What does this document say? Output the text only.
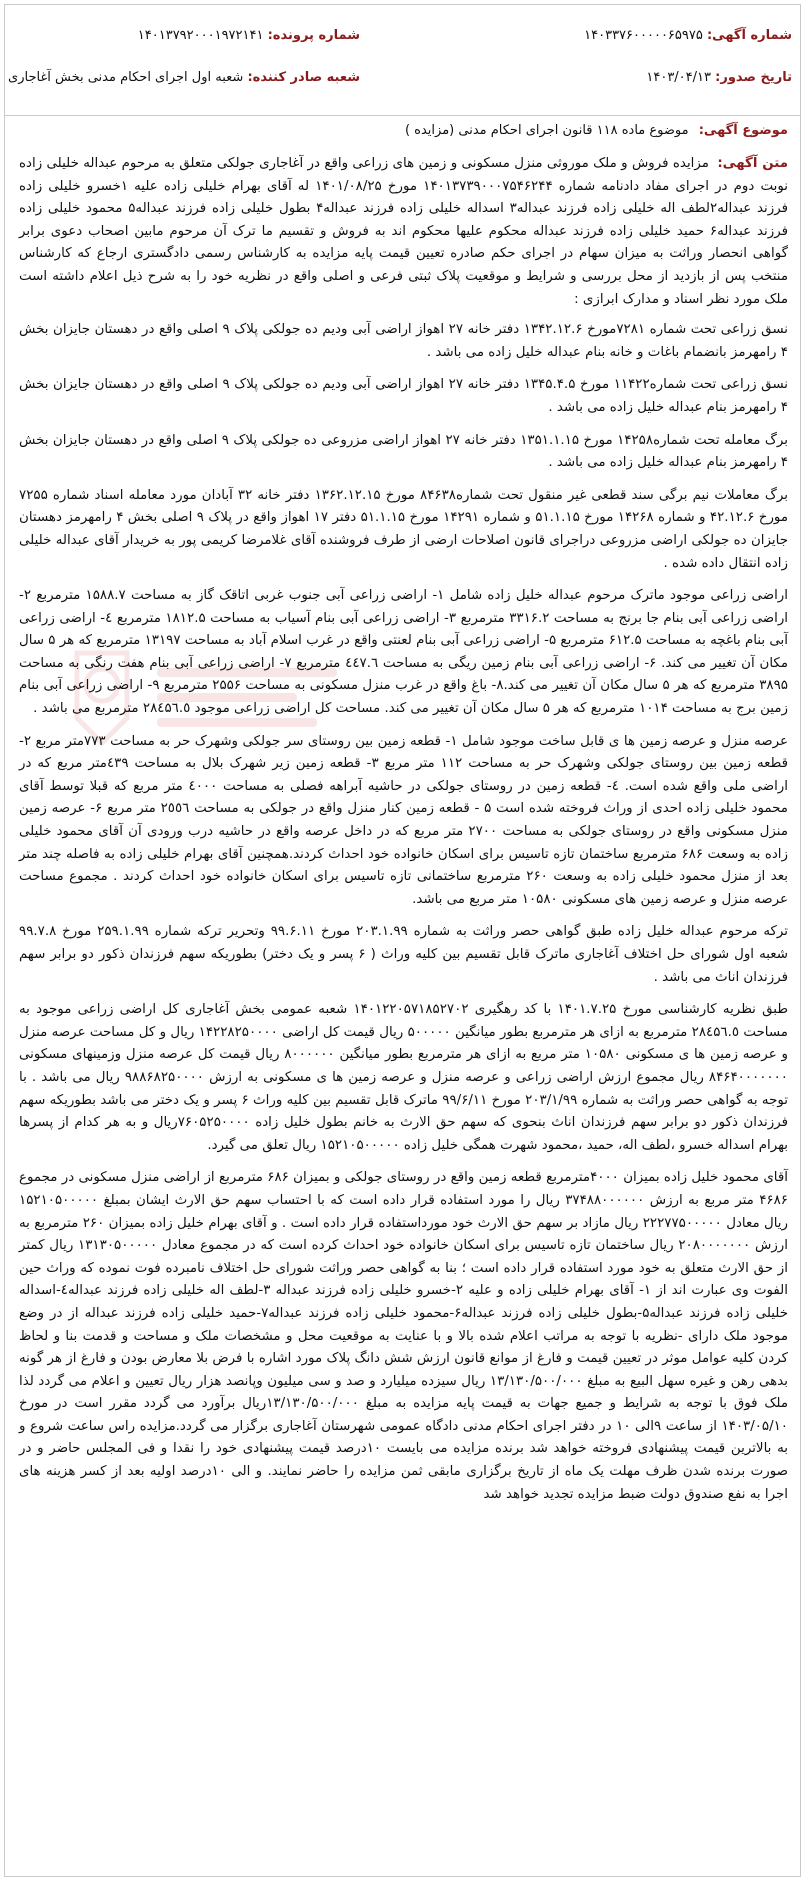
شماره آگهی: ۱۴۰۳۳۷۶۰۰۰۰۰۶۵۹۷۵
شماره پرونده: ۱۴۰۱۳۷۹۲۰۰۰۱۹۷۲۱۴۱
تاریخ صدور: ۱۴۰۳/۰۴/۱۳
شعبه صادر کننده: شعبه اول اجرای احکام مدنی بخش آغاجاری
موضوع آگهی: موضوع ماده ۱۱۸ قانون اجرای احکام مدنی (مزایده )

متن آگهی: مزایده فروش و ملک موروثی منزل مسکونی و زمین های زراعی واقع در آغاجاری جولکی متعلق به مرحوم عبداله خلیلی زاده نوبت دوم در اجرای مفاد دادنامه شماره ۱۴۰۱۳۷۳۹۰۰۰۷۵۴۶۲۴۴ مورخ ۱۴۰۱/۰۸/۲۵ له آقای بهرام خلیلی زاده علیه ۱خسرو خلیلی زاده فرزند عبداله۲لطف اله خلیلی زاده فرزند عبداله۳ اسداله خلیلی زاده فرزند عبداله۴ بطول خلیلی زاده فرزند عبداله۵ محمود خلیلی زاده فرزند عبداله۶ حمید خلیلی زاده فرزند عبداله محکوم علیها محکوم اند به فروش و تقسیم ما ترک آن مرحوم مابین اصحاب دعوی برابر گواهی انحصار وراثت به میزان سهام در اجرای حکم صادره تعیین قیمت پایه مزایده به کارشناس رسمی دادگستری ارجاع که کارشناس منتخب پس از بازدید از محل بررسی و شرایط و موقعیت پلاک ثبتی فرعی و اصلی واقع در نظریه خود را به شرح ذیل اعلام داشته است ملک مورد نظر اسناد و مدارک ابرازی :

نسق زراعی تحت شماره ۷۲۸۱مورخ ۱۳۴۲.۱۲.۶ دفتر خانه ۲۷ اهواز اراضی آبی ودیم ده جولکی پلاک ۹ اصلی واقع در دهستان جایزان بخش ۴ رامهرمز بانضمام باغات و خانه بنام عبداله خلیل زاده می باشد .

نسق زراعی تحت شماره۱۱۴۲۲ مورخ ۱۳۴۵.۴.۵ دفتر خانه ۲۷ اهواز اراضی آبی ودیم ده جولکی پلاک ۹ اصلی واقع در دهستان جایزان بخش ۴ رامهرمز بنام عبداله خلیل زاده می باشد .

برگ معامله تحت شماره۱۴۲۵۸ مورخ ۱۳۵۱.۱.۱۵ دفتر خانه ۲۷ اهواز اراضی مزروعی ده جولکی پلاک ۹ اصلی واقع در دهستان جایزان بخش ۴ رامهرمز بنام عبداله خلیل زاده می باشد .

برگ معاملات نیم برگی سند قطعی غیر منقول تحت شماره۸۴۶۳۸ مورخ ۱۳۶۲.۱۲.۱۵ دفتر خانه ۳۲ آبادان مورد معامله اسناد شماره ۷۲۵۵ مورخ ۴۲.۱۲.۶ و شماره ۱۴۲۶۸ مورخ ۵۱.۱.۱۵ و شماره ۱۴۲۹۱ مورخ ۵۱.۱.۱۵ دفتر ۱۷ اهواز واقع در پلاک ۹ اصلی بخش ۴ رامهرمز دهستان جایزان ده جولکی اراضی مزروعی دراجرای قانون اصلاحات ارضی از طرف فروشنده آقای غلامرضا کریمی پور به خریدار آقای عبداله خلیلی زاده انتقال داده شده .

اراضی زراعی موجود ماترک مرحوم عبداله خلیل زاده شامل ۱- اراضی زراعی آبی جنوب غربی اتاقک گاز به مساحت ۱۵۸۸.۷ مترمربع ۲- اراضی زراعی آبی بنام جا برنج به مساحت ۳۳۱۶.۲ مترمربع ۳- اراضی زراعی آبی بنام آسیاب به مساحت ۱۸۱۲.۵ مترمربع ٤- اراضی زراعی آبی بنام باغچه به مساحت ۶۱۲.۵ مترمربع ۵- اراضی زراعی آبی بنام لعنتی واقع در غرب اسلام آباد به مساحت ۱۳۱۹۷ مترمربع که هر ۵ سال مکان آن تغییر می کند. ۶- اراضی زراعی آبی بنام زمین ریگی به مساحت ٤٤٧.٦ مترمربع ۷- اراضی زراعی آبی بنام هفت رنگی به مساحت ۳۸۹۵ مترمربع که هر ۵ سال مکان آن تغییر می کند.۸- باغ واقع در غرب منزل مسکونی به مساحت ۲۵۵۶ مترمربع ۹- اراضی زراعی آبی بنام زمین برج به مساحت ۱۰۱۴ مترمربع که هر ۵ سال مکان آن تغییر می کند. مساحت کل اراضی زراعی موجود ۲۸٤۵٦.٥ مترمربع می باشد .

عرصه منزل و عرصه زمین ها ی قابل ساخت موجود شامل ۱- قطعه زمین بین روستای سر جولکی وشهرک حر به مساحت ۷۷۳متر مربع ۲- قطعه زمین بین روستای جولکی وشهرک حر به مساحت ۱۱۲ متر مربع ۳- قطعه زمین زیر شهرک بلال به مساحت ٤٣٩متر مربع که در اراضی ملی واقع شده است. ٤- قطعه زمین در روستای جولکی در حاشیه آبراهه فصلی به مساحت ٤٠٠٠ متر مربع که قبلا توسط آقای محمود خلیلی زاده احدی از وراث فروخته شده است ۵ - قطعه زمین کنار منزل واقع در جولکی به مساحت ٢٥٥٦ متر مربع ۶- عرصه زمین منزل مسکونی واقع در روستای جولکی به مساحت ٢٧٠٠ متر مربع که در داخل عرصه واقع در حاشیه درب ورودی آن آقای محمود خلیلی زاده به وسعت ۶۸۶ مترمربع ساختمان تازه تاسیس برای اسکان خانواده خود احداث کردند.همچنین آقای بهرام خلیلی زاده به فاصله چند متر بعد از منزل محمود خلیلی زاده به وسعت ۲۶۰ مترمربع ساختمانی تازه تاسیس برای اسکان خانواده خود احداث کردند . مجموع مساحت عرصه منزل و عرصه زمین های مسکونی ۱۰۵۸۰ متر مربع می باشد.

ترکه مرحوم عبداله خلیل زاده طبق گواهی حصر وراثت به شماره ۲۰۳.۱.۹۹ مورخ ۹۹.۶.۱۱ وتحریر ترکه شماره ۲۵۹.۱.۹۹ مورخ ۹۹.۷.۸ شعبه اول شورای حل اختلاف آغاجاری ماترک قابل تقسیم بین کلیه وراث ( ۶ پسر و یک دختر) بطوریکه سهم فرزندان ذکور دو برابر سهم فرزندان اناث می باشد .

طبق نظریه کارشناسی مورخ ۱۴۰۱.۷.۲۵ با کد رهگیری ۱۴۰۱۲۲۰۵۷۱۸۵۲۷۰۲ شعبه عمومی بخش آغاجاری کل اراضی زراعی موجود به مساحت ۲۸٤۵٦.٥ مترمربع به ازای هر مترمربع بطور میانگین ۵۰۰۰۰۰ ریال قیمت کل اراضی ۱۴۲۲۸۲۵۰۰۰۰ ریال و کل مساحت عرصه منزل و عرصه زمین ها ی مسکونی ۱۰۵۸۰ متر مربع به ازای هر مترمربع بطور میانگین ۸۰۰۰۰۰۰ ریال قیمت کل عرصه منزل وزمینهای مسکونی ۸۴۶۴۰۰۰۰۰۰۰ ریال مجموع ارزش اراضی زراعی و عرصه منزل و عرصه زمین ها ی مسکونی به ارزش ۹۸۸۶۸۲۵۰۰۰۰ ریال می باشد . با توجه به گواهی حصر وراثت به شماره ۲۰۳/۱/۹۹ مورخ ۹۹/۶/۱۱ ماترک قابل تقسیم بین کلیه وراث ۶ پسر و یک دختر می باشد بطوریکه سهم فرزندان ذکور دو برابر سهم فرزندان اناث بنحوی که سهم حق الارث به خانم بطول خلیل زاده ۷۶۰۵۲۵۰۰۰۰ریال و به هر کدام از پسرها بهرام اسداله خسرو ،لطف اله، حمید ،محمود شهرت همگی خلیل زاده ۱۵۲۱۰۵۰۰۰۰۰ ریال تعلق می گیرد.

آقای محمود خلیل زاده بمیزان ۴۰۰۰مترمربع قطعه زمین واقع در روستای جولکی و بمیزان ۶۸۶ مترمربع از اراضی منزل مسکونی در مجموع ۴۶۸۶ متر مربع به ارزش ۳۷۴۸۸۰۰۰۰۰۰ ریال را مورد استفاده قرار داده است که با احتساب سهم حق الارث ایشان بمبلغ ۱۵۲۱۰۵۰۰۰۰۰ ریال معادل ۲۲۲۷۷۵۰۰۰۰۰ ریال مازاد بر سهم حق الارث خود مورداستفاده قرار داده است . و آقای بهرام خلیل زاده بمیزان ۲۶۰ مترمربع به ارزش ۲۰۸۰۰۰۰۰۰۰ ریال ساختمان تازه تاسیس برای اسکان خانواده خود احداث کرده است که در مجموع معادل ۱۳۱۳۰۵۰۰۰۰۰ ریال کمتر از حق الارث متعلق به خود مورد استفاده قرار داده است ؛ بنا به گواهی حصر وراثت شورای حل اختلاف نامبرده فوت نموده که وراث حین الفوت وی عبارت اند از ۱- آقای بهرام خلیلی زاده و علیه ۲-خسرو خلیلی زاده فرزند عبداله ۳-لطف اله خلیلی زاده فرزند عبداله٤-اسداله خلیلی زاده فرزند عبداله۵-بطول خلیلی زاده فرزند عبداله۶-محمود خلیلی زاده فرزند عبداله۷-حمید خلیلی زاده فرزند عبداله از در وضع موجود ملک دارای -نظریه با توجه به مراتب اعلام شده بالا و با عنایت به موقعیت محل و مشخصات ملک و مساحت و قدمت بنا و لحاظ کردن کلیه عوامل موثر در تعیین قیمت و فارغ از موانع قانون ارزش شش دانگ پلاک مورد اشاره با فرض بلا معارض بودن و فارغ از هر گونه بدهی رهن و غیره سهل البیع به مبلغ ۱۳/۱۳۰/۵۰۰/۰۰۰ ریال سیزده میلیارد و صد و سی میلیون وپانصد هزار ریال تعیین و اعلام می گردد لذا ملک فوق با توجه به شرایط و جمیع جهات به قیمت پایه مزایده به مبلغ ۱۳/۱۳۰/۵۰۰/۰۰۰ریال برآورد می گردد مقرر است در مورخ ۱۴۰۳/۰۵/۱۰ از ساعت ۹الی ۱۰ در دفتر اجرای احکام مدنی دادگاه عمومی شهرستان آغاجاری برگزار می گردد.مزایده راس ساعت شروع و به بالاترین قیمت پیشنهادی فروخته خواهد شد برنده مزایده می بایست ۱۰درصد قیمت پیشنهادی خود را نقدا و فی المجلس حاضر و در صورت برنده شدن ظرف مهلت یک ماه از تاریخ برگزاری مابقی ثمن مزایده را حاضر نمایند. و الی ۱۰درصد اولیه بعد از کسر هزینه های اجرا به نفع صندوق دولت ضبط مزایده تجدید خواهد شد
